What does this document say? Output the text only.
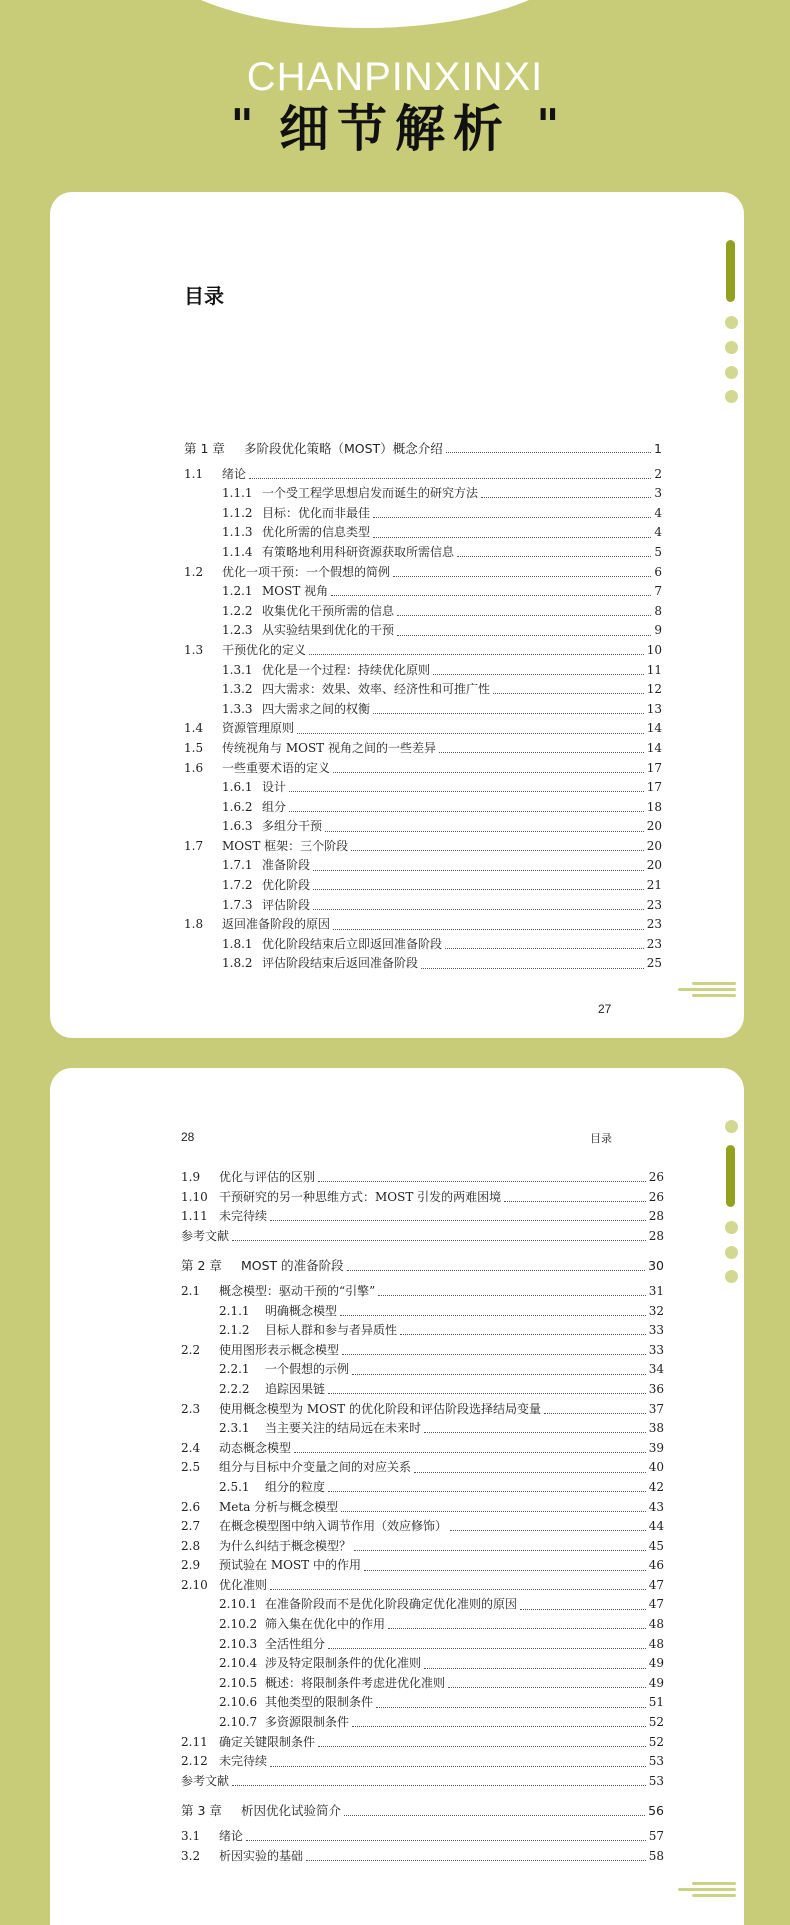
CHANPINXINXI
" 细节解析 "
目录
第 1 章	多阶段优化策略（MOST）概念介绍	1
1.1	绪论	2
1.1.1 一个受工程学思想启发而诞生的研究方法	3
1.1.2 目标：优化而非最佳	4
1.1.3 优化所需的信息类型	4
1.1.4 有策略地利用科研资源获取所需信息	5
1.2	优化一项干预：一个假想的简例	6
1.2.1 MOST 视角	7
1.2.2 收集优化干预所需的信息	8
1.2.3 从实验结果到优化的干预	9
1.3	干预优化的定义	10
1.3.1 优化是一个过程：持续优化原则	11
1.3.2 四大需求：效果、效率、经济性和可推广性	12
1.3.3 四大需求之间的权衡	13
1.4	资源管理原则	14
1.5	传统视角与 MOST 视角之间的一些差异	14
1.6	一些重要术语的定义	17
1.6.1 设计	17
1.6.2 组分	18
1.6.3 多组分干预	20
1.7	MOST 框架：三个阶段	20
1.7.1 准备阶段	20
1.7.2 优化阶段	21
1.7.3 评估阶段	23
1.8	返回准备阶段的原因	23
1.8.1 优化阶段结束后立即返回准备阶段	23
1.8.2 评估阶段结束后返回准备阶段	25
27
28	目录
1.9	优化与评估的区别	26
1.10 干预研究的另一种思维方式：MOST 引发的两难困境	26
1.11 未完待续	28
参考文献	28
第 2 章	MOST 的准备阶段	30
2.1	概念模型：驱动干预的“引擎”	31
2.1.1	明确概念模型	32
2.1.2	目标人群和参与者异质性	33
2.2	使用图形表示概念模型	33
2.2.1	一个假想的示例	34
2.2.2	追踪因果链	36
2.3	使用概念模型为 MOST 的优化阶段和评估阶段选择结局变量	37
2.3.1	当主要关注的结局远在未来时	38
2.4	动态概念模型	39
2.5	组分与目标中介变量之间的对应关系	40
2.5.1	组分的粒度	42
2.6	Meta 分析与概念模型	43
2.7	在概念模型图中纳入调节作用（效应修饰）	44
2.8	为什么纠结于概念模型？	45
2.9	预试验在 MOST 中的作用	46
2.10 优化准则	47
2.10.1 在准备阶段而不是优化阶段确定优化准则的原因	47
2.10.2 筛入集在优化中的作用	48
2.10.3 全活性组分	48
2.10.4 涉及特定限制条件的优化准则	49
2.10.5 概述：将限制条件考虑进优化准则	49
2.10.6 其他类型的限制条件	51
2.10.7 多资源限制条件	52
2.11 确定关键限制条件	52
2.12 未完待续	53
参考文献	53
第 3 章	析因优化试验简介	56
3.1	绪论	57
3.2	析因实验的基础	58
